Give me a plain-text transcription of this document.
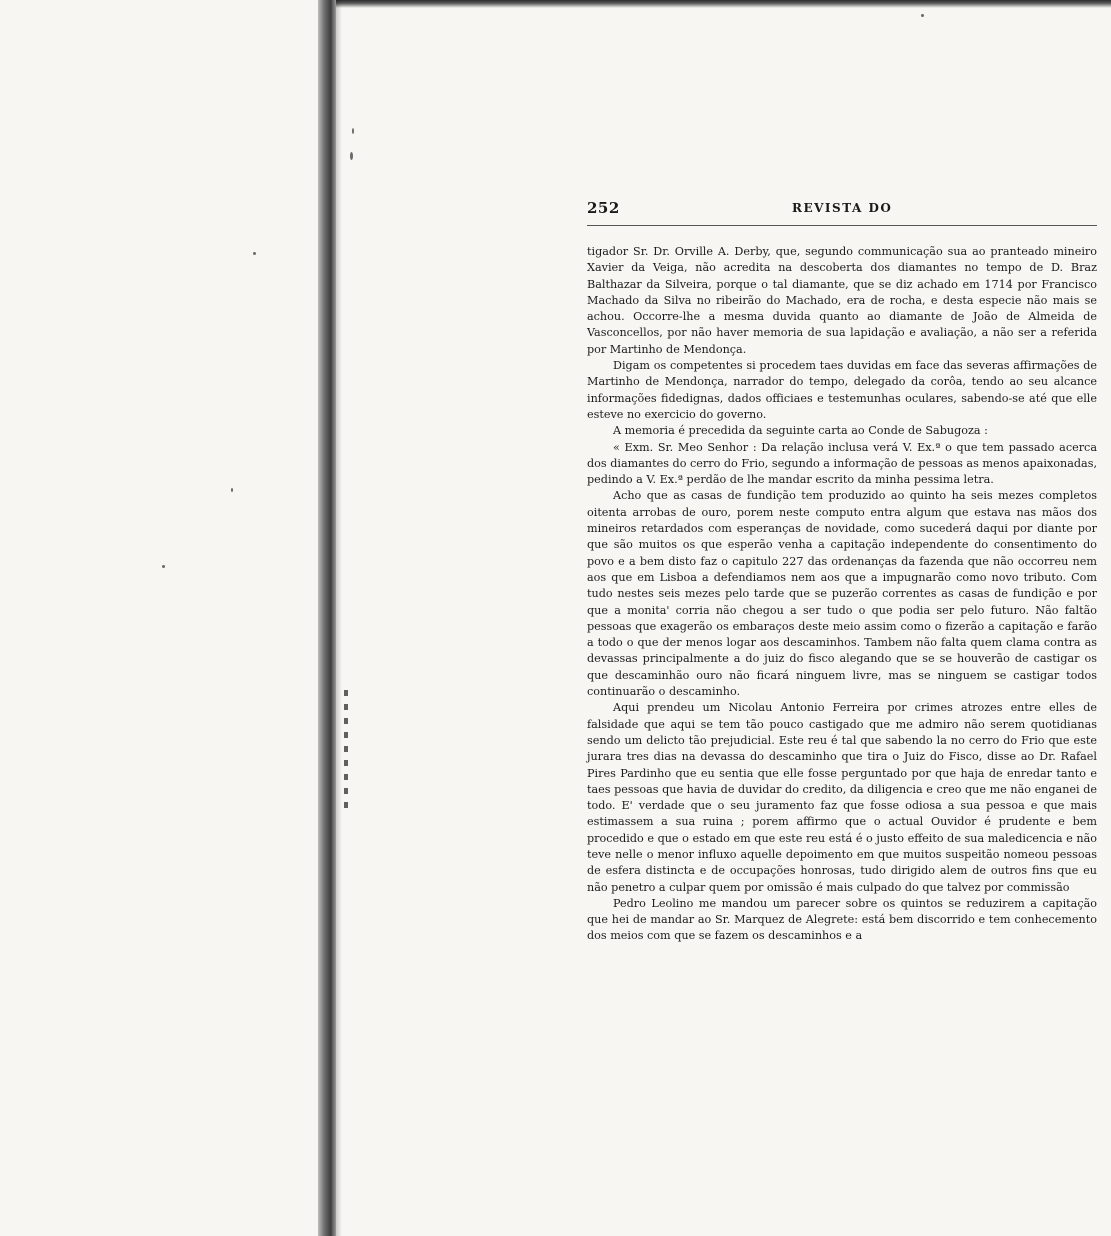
252	REVISTA DO

tigador Sr. Dr. Orville A. Derby, que, segundo communicação sua ao pranteado mineiro Xavier da Veiga, não acredita na descoberta dos diamantes no tempo de D. Braz Balthazar da Silveira, porque o tal diamante, que se diz achado em 1714 por Francisco Machado da Silva no ribeirão do Machado, era de rocha, e desta especie não mais se achou. Occorre-lhe a mesma duvida quanto ao diamante de João de Almeida de Vasconcellos, por não haver memoria de sua lapidação e avaliação, a não ser a referida por Martinho de Mendonça.

Digam os competentes si procedem taes duvidas em face das severas affirmações de Martinho de Mendonça, narrador do tempo, delegado da corôa, tendo ao seu alcance informações fidedignas, dados officiaes e testemunhas oculares, sabendo-se até que elle esteve no exercicio do governo.

A memoria é precedida da seguinte carta ao Conde de Sabugoza :

« Exm. Sr. Meo Senhor : Da relação inclusa verá V. Ex.ª o que tem passado acerca dos diamantes do cerro do Frio, segundo a informação de pessoas as menos apaixonadas, pedindo a V. Ex.ª perdão de lhe mandar escrito da minha pessima letra.

Acho que as casas de fundição tem produzido ao quinto ha seis mezes completos oitenta arrobas de ouro, porem neste computo entra algum que estava nas mãos dos mineiros retardados com esperanças de novidade, como sucederá daqui por diante por que são muitos os que esperão venha a capitação independente do consentimento do povo e a bem disto faz o capitulo 227 das ordenanças da fazenda que não occorreu nem aos que em Lisboa a defendiamos nem aos que a impugnarão como novo tributo. Com tudo nestes seis mezes pelo tarde que se puzerão correntes as casas de fundição e por que a monita' corria não chegou a ser tudo o que podia ser pelo futuro. Não faltão pessoas que exagerão os embaraços deste meio assim como o fizerão a capitação e farão a todo o que der menos logar aos descaminhos. Tambem não falta quem clama contra as devassas principalmente a do juiz do fisco alegando que se se houverão de castigar os que descaminhão ouro não ficará ninguem livre, mas se ninguem se castigar todos continuarão o descaminho.

Aqui prendeu um Nicolau Antonio Ferreira por crimes atrozes entre elles de falsidade que aqui se tem tão pouco castigado que me admiro não serem quotidianas sendo um delicto tão prejudicial. Este reu é tal que sabendo la no cerro do Frio que este jurara tres dias na devassa do descaminho que tira o Juiz do Fisco, disse ao Dr. Rafael Pires Pardinho que eu sentia que elle fosse perguntado por que haja de enredar tanto e taes pessoas que havia de duvidar do credito, da diligencia e creo que me não enganei de todo. E' verdade que o seu juramento faz que fosse odiosa a sua pessoa e que mais estimassem a sua ruina ; porem affirmo que o actual Ouvidor é prudente e bem procedido e que o estado em que este reu está é o justo effeito de sua maledicencia e não teve nelle o menor influxo aquelle depoimento em que muitos suspeitão nomeou pessoas de esfera distincta e de occupações honrosas, tudo dirigido alem de outros fins que eu não penetro a culpar quem por omissão é mais culpado do que talvez por commissão

Pedro Leolino me mandou um parecer sobre os quintos se reduzirem a capitação que hei de mandar ao Sr. Marquez de Alegrete: está bem discorrido e tem conhecemento dos meios com que se fazem os descaminhos e a
